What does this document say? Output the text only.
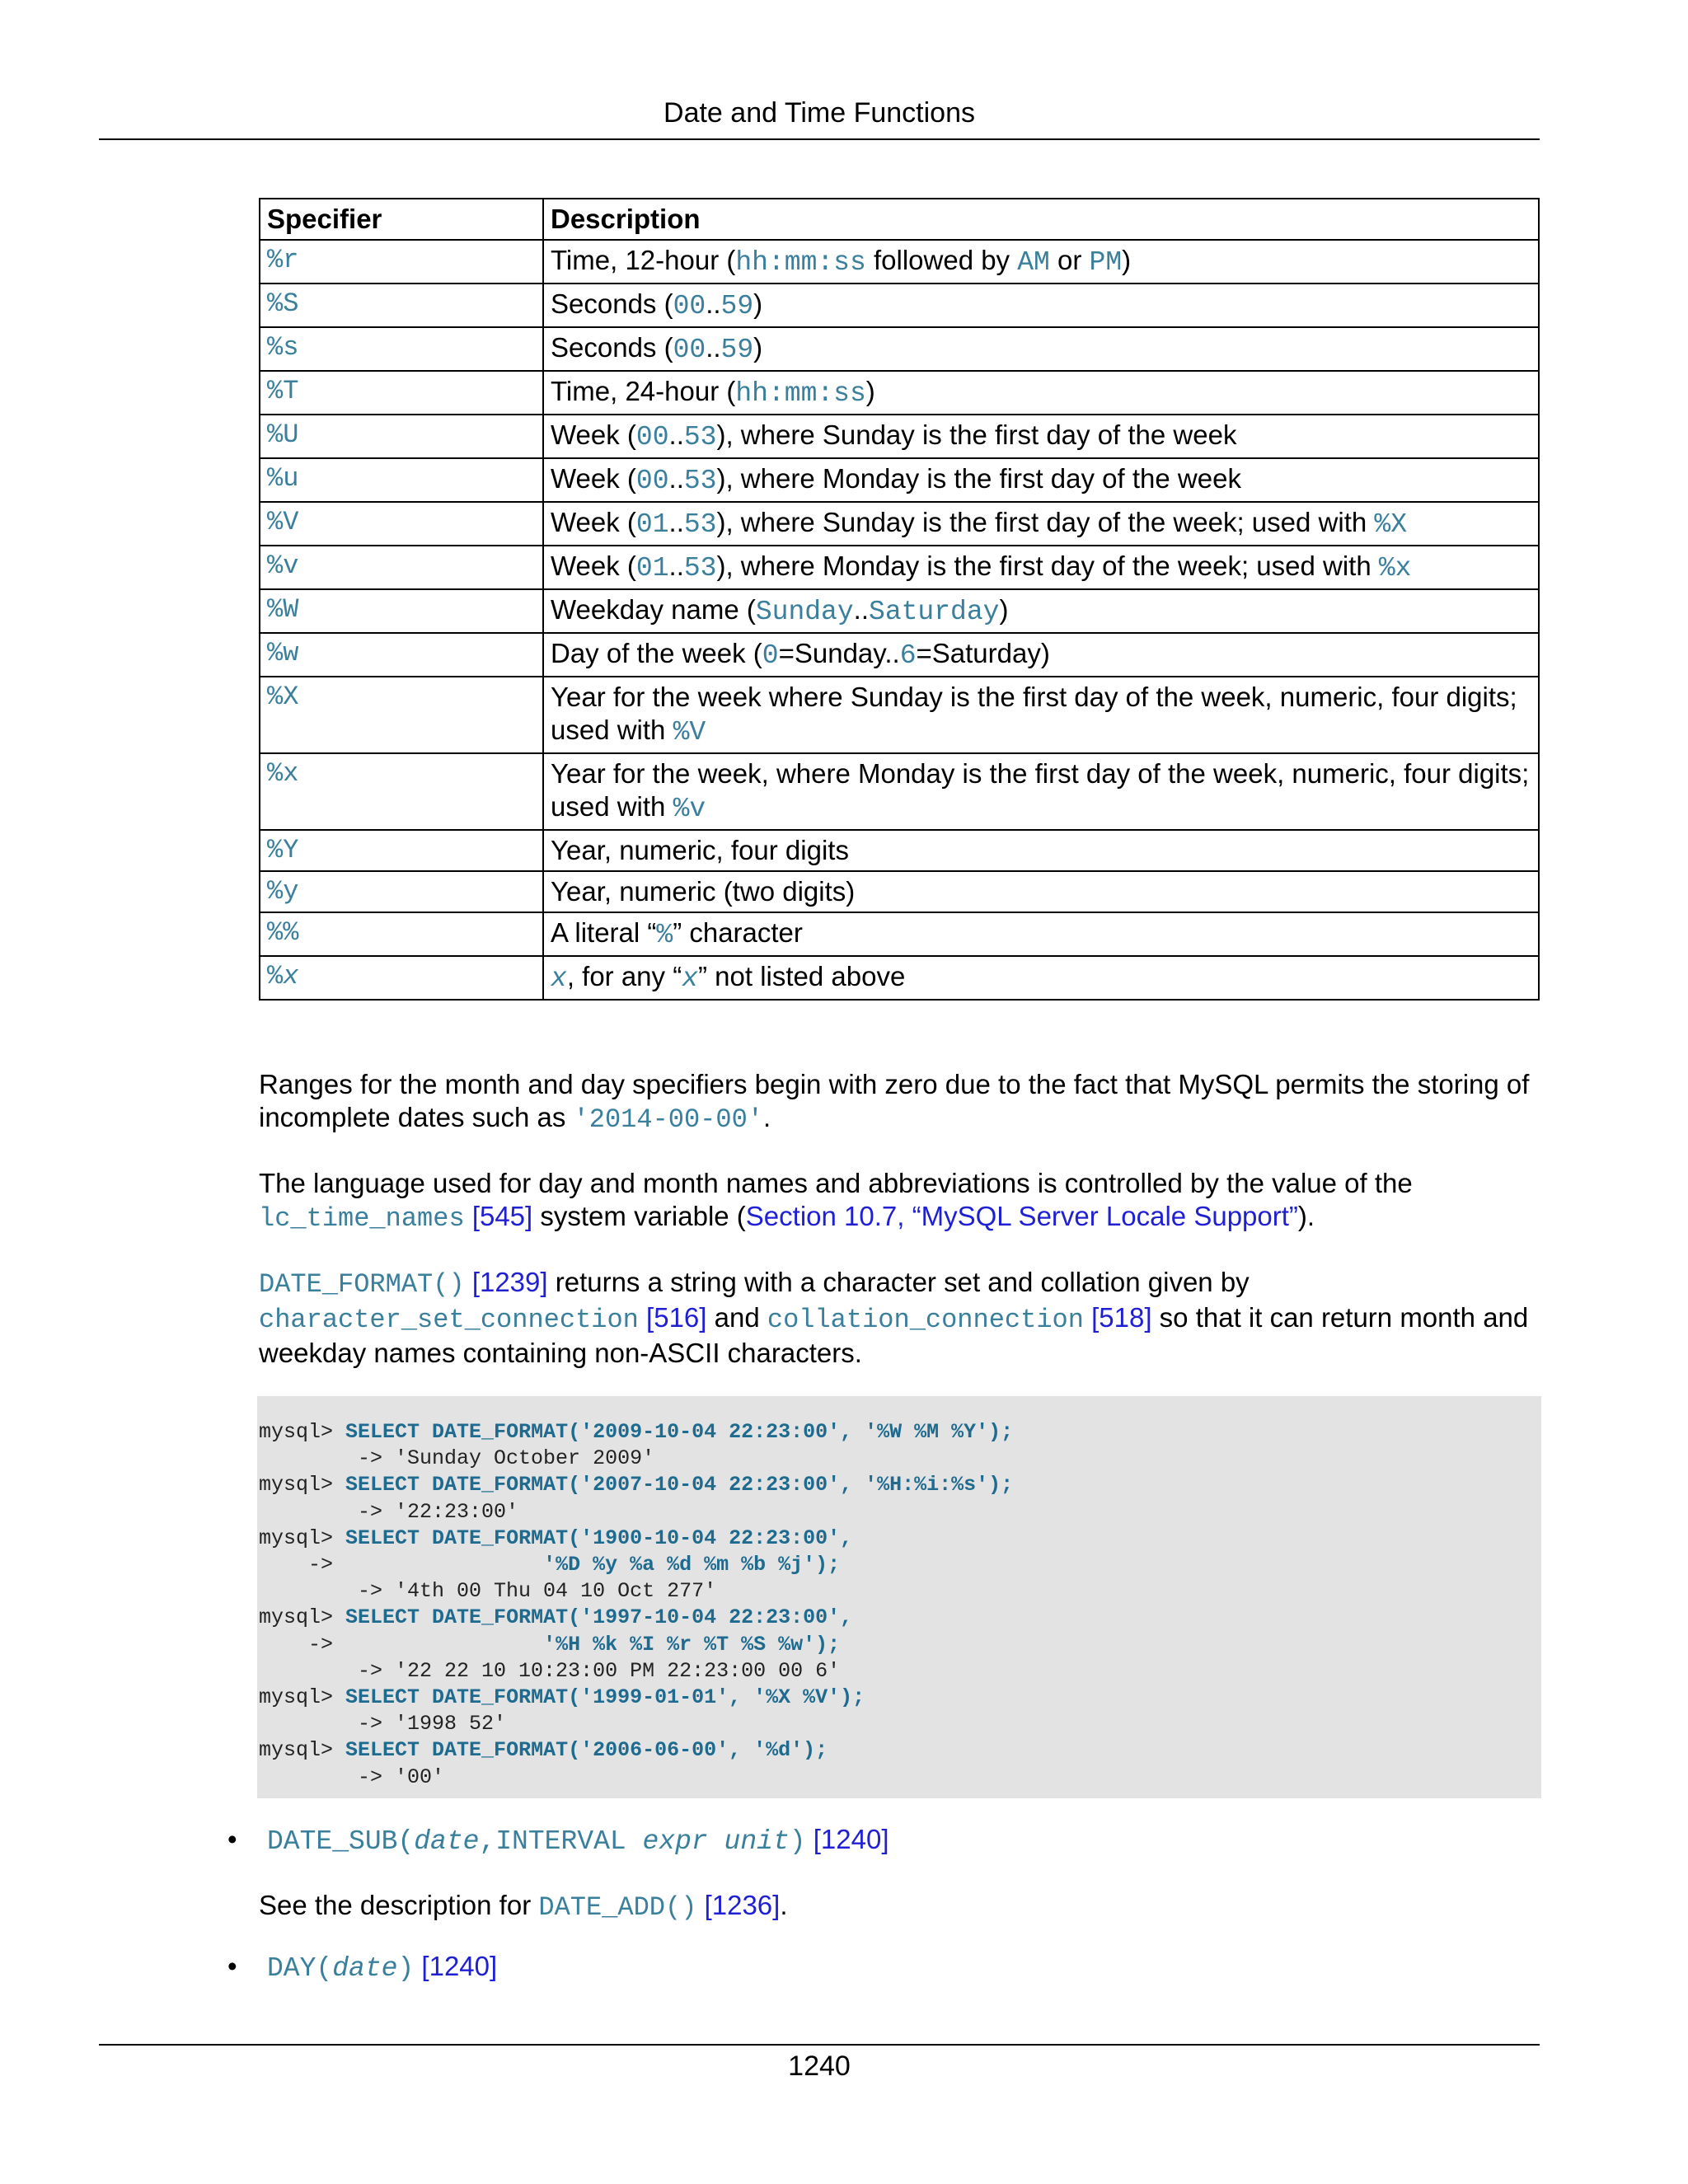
Date and Time Functions
Specifier	Description
%r	Time, 12-hour (hh:mm:ss followed by AM or PM)
%S	Seconds (00..59)
%s	Seconds (00..59)
%T	Time, 24-hour (hh:mm:ss)
%U	Week (00..53), where Sunday is the first day of the week
%u	Week (00..53), where Monday is the first day of the week
%V	Week (01..53), where Sunday is the first day of the week; used with %X
%v	Week (01..53), where Monday is the first day of the week; used with %x
%W	Weekday name (Sunday..Saturday)
%w	Day of the week (0=Sunday..6=Saturday)
%X	Year for the week where Sunday is the first day of the week, numeric, four digits; used with %V
%x	Year for the week, where Monday is the first day of the week, numeric, four digits; used with %v
%Y	Year, numeric, four digits
%y	Year, numeric (two digits)
%%	A literal “%” character
%x	x, for any “x” not listed above
Ranges for the month and day specifiers begin with zero due to the fact that MySQL permits the storing of incomplete dates such as '2014-00-00'.
The language used for day and month names and abbreviations is controlled by the value of the lc_time_names [545] system variable (Section 10.7, “MySQL Server Locale Support”).
DATE_FORMAT() [1239] returns a string with a character set and collation given by character_set_connection [516] and collation_connection [518] so that it can return month and weekday names containing non-ASCII characters.
mysql> SELECT DATE_FORMAT('2009-10-04 22:23:00', '%W %M %Y');
-> 'Sunday October 2009'
mysql> SELECT DATE_FORMAT('2007-10-04 22:23:00', '%H:%i:%s');
-> '22:23:00'
mysql> SELECT DATE_FORMAT('1900-10-04 22:23:00',
->                 '%D %y %a %d %m %b %j');
-> '4th 00 Thu 04 10 Oct 277'
mysql> SELECT DATE_FORMAT('1997-10-04 22:23:00',
->                 '%H %k %I %r %T %S %w');
-> '22 22 10 10:23:00 PM 22:23:00 00 6'
mysql> SELECT DATE_FORMAT('1999-01-01', '%X %V');
-> '1998 52'
mysql> SELECT DATE_FORMAT('2006-06-00', '%d');
-> '00'
• DATE_SUB(date,INTERVAL expr unit) [1240]
See the description for DATE_ADD() [1236].
• DAY(date) [1240]
1240
